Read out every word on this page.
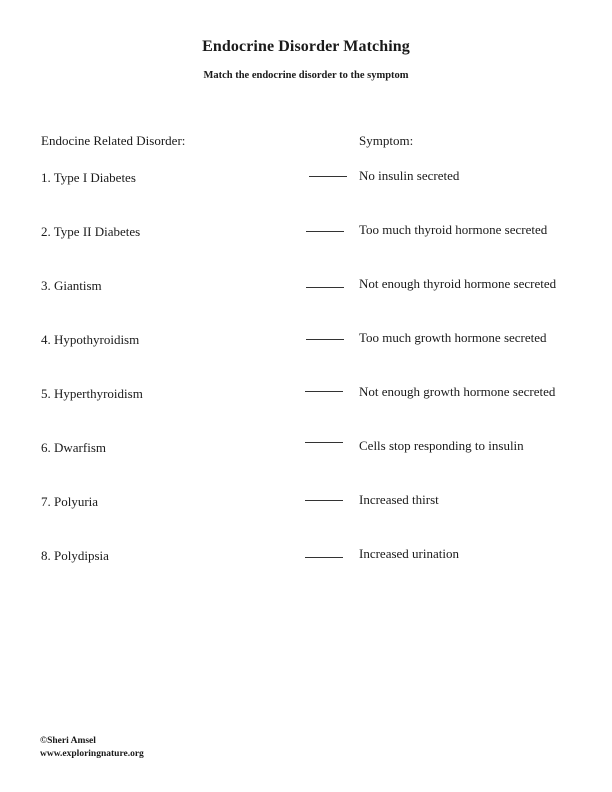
Endocrine Disorder Matching
Match the endocrine disorder to the symptom
Endocine Related Disorder:	Symptom:
1. Type I Diabetes	No insulin secreted
2. Type II Diabetes	Too much thyroid hormone secreted
3. Giantism	Not enough thyroid hormone secreted
4. Hypothyroidism	Too much growth hormone secreted
5. Hyperthyroidism	Not enough growth hormone secreted
6. Dwarfism	Cells stop responding to insulin
7. Polyuria	Increased thirst
8. Polydipsia	Increased urination
©Sheri Amsel
www.exploringnature.org
